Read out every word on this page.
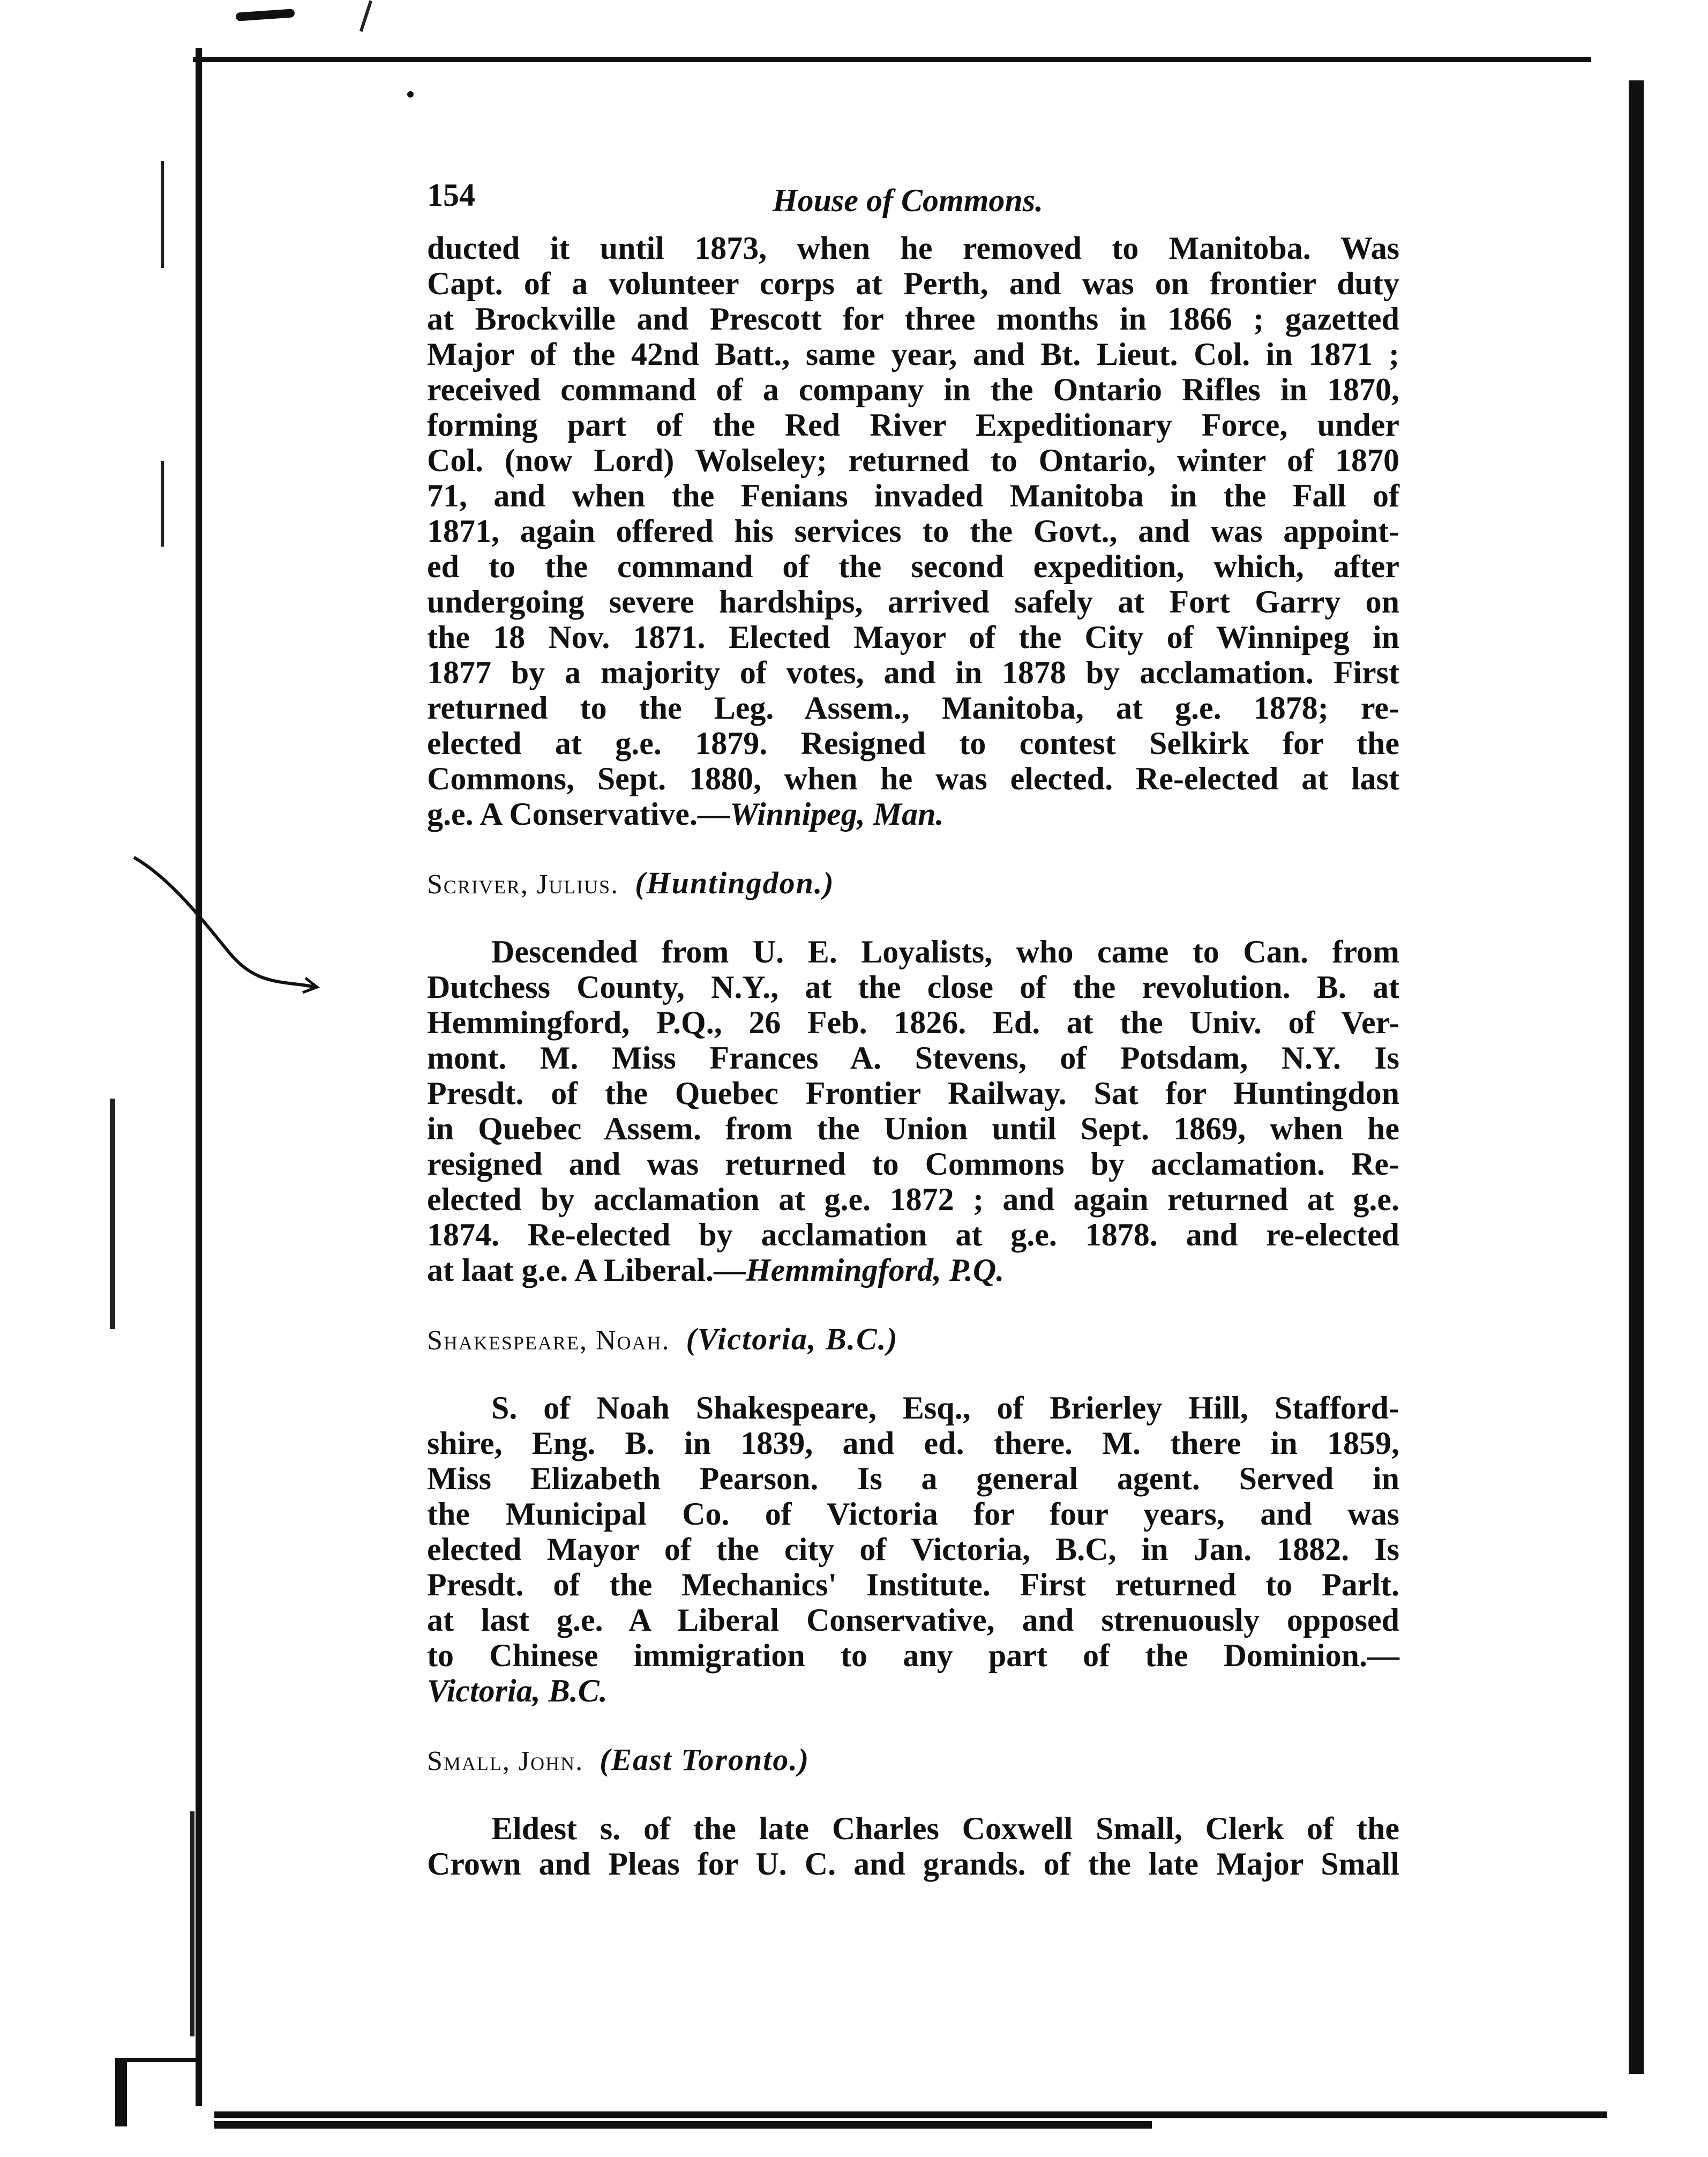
154	House of Commons.
ducted it until 1873, when he removed to Manitoba. Was
Capt. of a volunteer corps at Perth, and was on frontier duty
at Brockville and Prescott for three months in 1866 ; gazetted
Major of the 42nd Batt., same year, and Bt. Lieut. Col. in 1871 ;
received command of a company in the Ontario Rifles in 1870,
forming part of the Red River Expeditionary Force, under
Col. (now Lord) Wolseley; returned to Ontario, winter of 1870
71, and when the Fenians invaded Manitoba in the Fall of
1871, again offered his services to the Govt., and was appoint-
ed to the command of the second expedition, which, after
undergoing severe hardships, arrived safely at Fort Garry on
the 18 Nov. 1871. Elected Mayor of the City of Winnipeg in
1877 by a majority of votes, and in 1878 by acclamation. First
returned to the Leg. Assem., Manitoba, at g.e. 1878; re-
elected at g.e. 1879. Resigned to contest Selkirk for the
Commons, Sept. 1880, when he was elected. Re-elected at last
g.e. A Conservative.—Winnipeg, Man.
Scriver, Julius. (Huntingdon.)
Descended from U. E. Loyalists, who came to Can. from
Dutchess County, N.Y., at the close of the revolution. B. at
Hemmingford, P.Q., 26 Feb. 1826. Ed. at the Univ. of Ver-
mont. M. Miss Frances A. Stevens, of Potsdam, N.Y. Is
Presdt. of the Quebec Frontier Railway. Sat for Huntingdon
in Quebec Assem. from the Union until Sept. 1869, when he
resigned and was returned to Commons by acclamation. Re-
elected by acclamation at g.e. 1872 ; and again returned at g.e.
1874. Re-elected by acclamation at g.e. 1878. and re-elected
at laat g.e. A Liberal.—Hemmingford, P.Q.
Shakespeare, Noah. (Victoria, B.C.)
S. of Noah Shakespeare, Esq., of Brierley Hill, Stafford-
shire, Eng. B. in 1839, and ed. there. M. there in 1859,
Miss Elizabeth Pearson. Is a general agent. Served in
the Municipal Co. of Victoria for four years, and was
elected Mayor of the city of Victoria, B.C, in Jan. 1882. Is
Presdt. of the Mechanics' Institute. First returned to Parlt.
at last g.e. A Liberal Conservative, and strenuously opposed
to Chinese immigration to any part of the Dominion.—
Victoria, B.C.
Small, John. (East Toronto.)
Eldest s. of the late Charles Coxwell Small, Clerk of the
Crown and Pleas for U. C. and grands. of the late Major Small
